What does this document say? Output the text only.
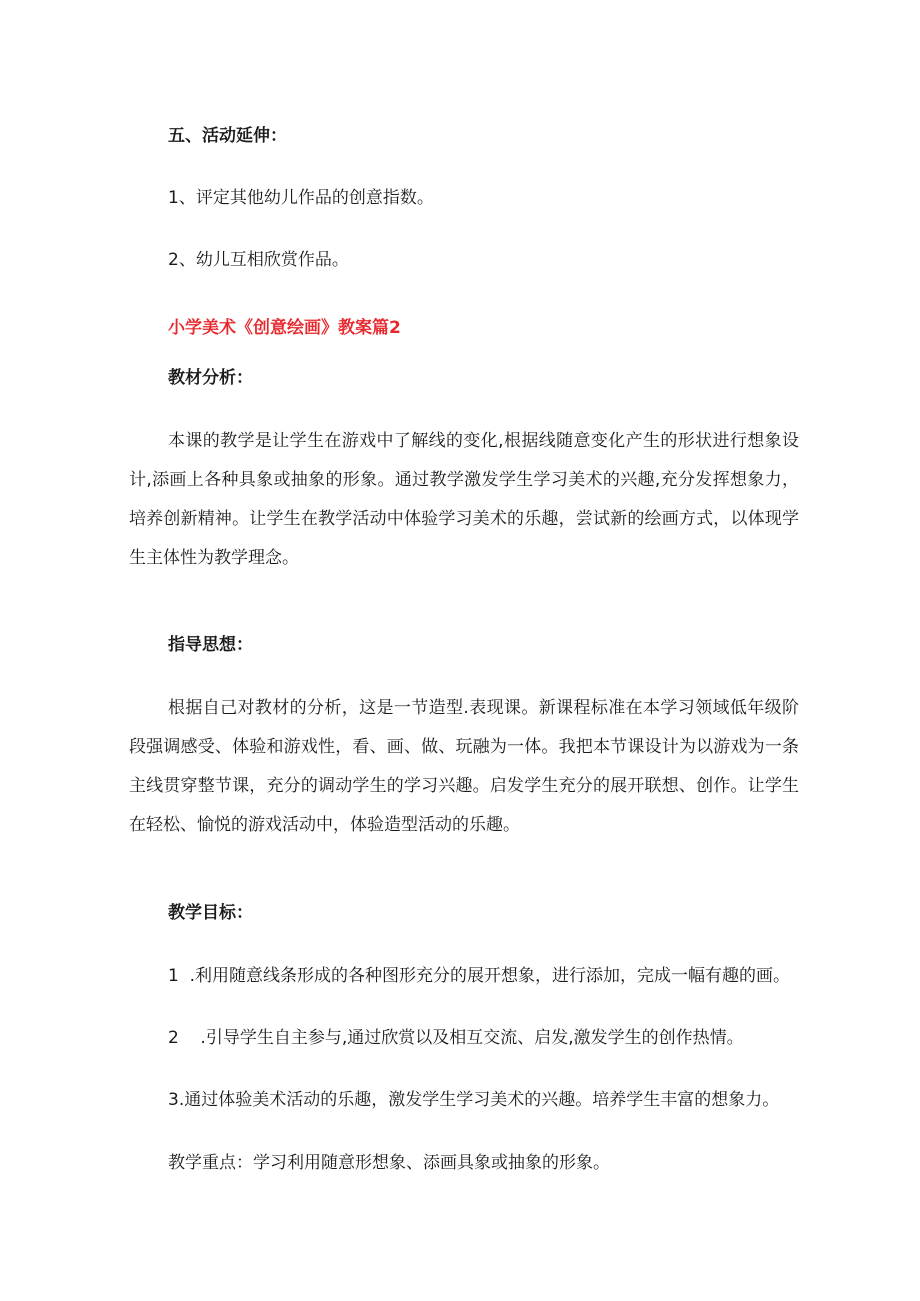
五、活动延伸：
1、评定其他幼儿作品的创意指数。
2、幼儿互相欣赏作品。
小学美术《创意绘画》教案篇2
教材分析：
本课的教学是让学生在游戏中了解线的变化,根据线随意变化产生的形状进行想象设计,添画上各种具象或抽象的形象。通过教学激发学生学习美术的兴趣,充分发挥想象力，培养创新精神。让学生在教学活动中体验学习美术的乐趣，尝试新的绘画方式，以体现学生主体性为教学理念。
指导思想：
根据自己对教材的分析，这是一节造型.表现课。新课程标准在本学习领域低年级阶段强调感受、体验和游戏性，看、画、做、玩融为一体。我把本节课设计为以游戏为一条主线贯穿整节课，充分的调动学生的学习兴趣。启发学生充分的展开联想、创作。让学生在轻松、愉悦的游戏活动中，体验造型活动的乐趣。
教学目标：
1  .利用随意线条形成的各种图形充分的展开想象，进行添加，完成一幅有趣的画。
2    .引导学生自主参与,通过欣赏以及相互交流、启发,激发学生的创作热情。
3.通过体验美术活动的乐趣，激发学生学习美术的兴趣。培养学生丰富的想象力。
教学重点：学习利用随意形想象、添画具象或抽象的形象。
